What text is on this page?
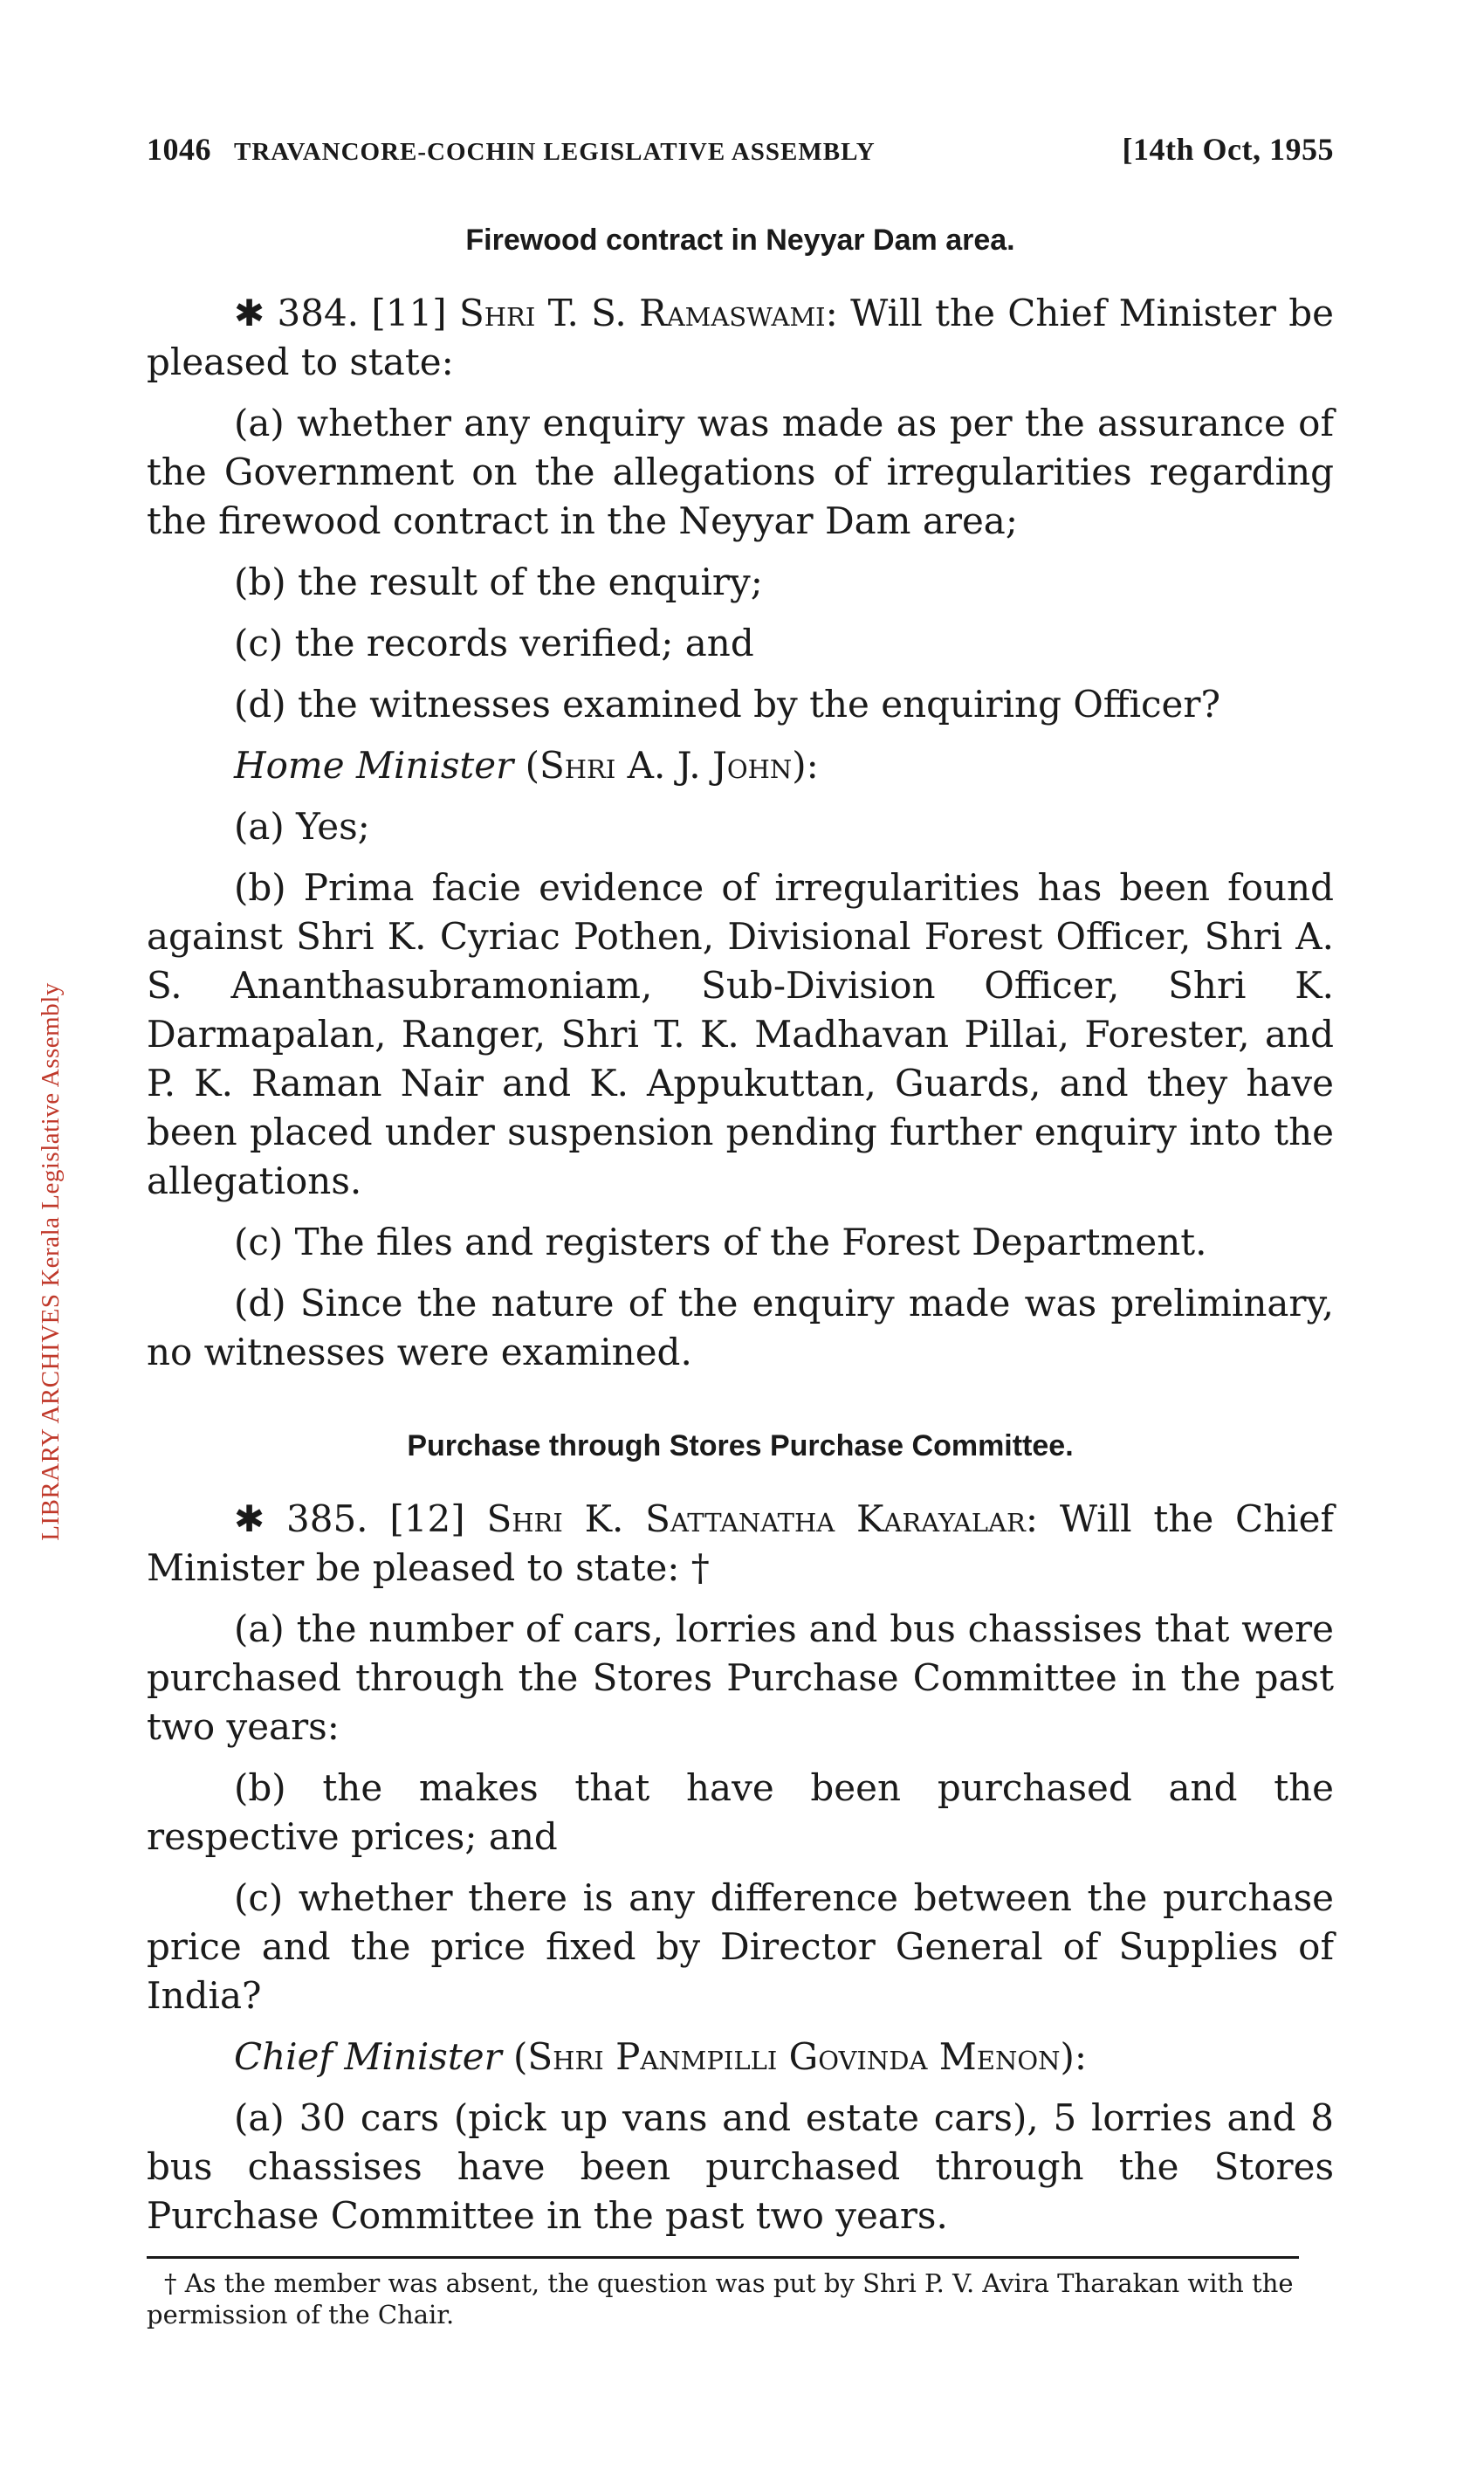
LIBRARY ARCHIVES Kerala Legislative Assembly
1046 TRAVANCORE-COCHIN LEGISLATIVE ASSEMBLY	[14th Oct, 1955
Firewood contract in Neyyar Dam area.

✱ 384. [11] Shri T. S. Ramaswami: Will the Chief Minister be pleased to state:

(a) whether any enquiry was made as per the assurance of the Government on the allegations of irregularities regarding the firewood contract in the Neyyar Dam area;

(b) the result of the enquiry;

(c) the records verified; and

(d) the witnesses examined by the enquiring Officer?

Home Minister (Shri A. J. John):

(a) Yes;

(b) Prima facie evidence of irregularities has been found against Shri K. Cyriac Pothen, Divisional Forest Officer, Shri A. S. Ananthasubramoniam, Sub-Division Officer, Shri K. Darmapalan, Ranger, Shri T. K. Madhavan Pillai, Forester, and P. K. Raman Nair and K. Appukuttan, Guards, and they have been placed under suspension pending further enquiry into the allegations.

(c) The files and registers of the Forest Department.

(d) Since the nature of the enquiry made was preliminary, no witnesses were examined.

Purchase through Stores Purchase Committee.

✱ 385. [12] Shri K. Sattanatha Karayalar: Will the Chief Minister be pleased to state: †

(a) the number of cars, lorries and bus chassises that were purchased through the Stores Purchase Committee in the past two years:

(b) the makes that have been purchased and the respective prices; and

(c) whether there is any difference between the purchase price and the price fixed by Director General of Supplies of India?

Chief Minister (Shri Panmpilli Govinda Menon):

(a) 30 cars (pick up vans and estate cars), 5 lorries and 8 bus chassises have been purchased through the Stores Purchase Committee in the past two years.

† As the member was absent, the question was put by Shri P. V. Avira Tharakan with the permission of the Chair.
